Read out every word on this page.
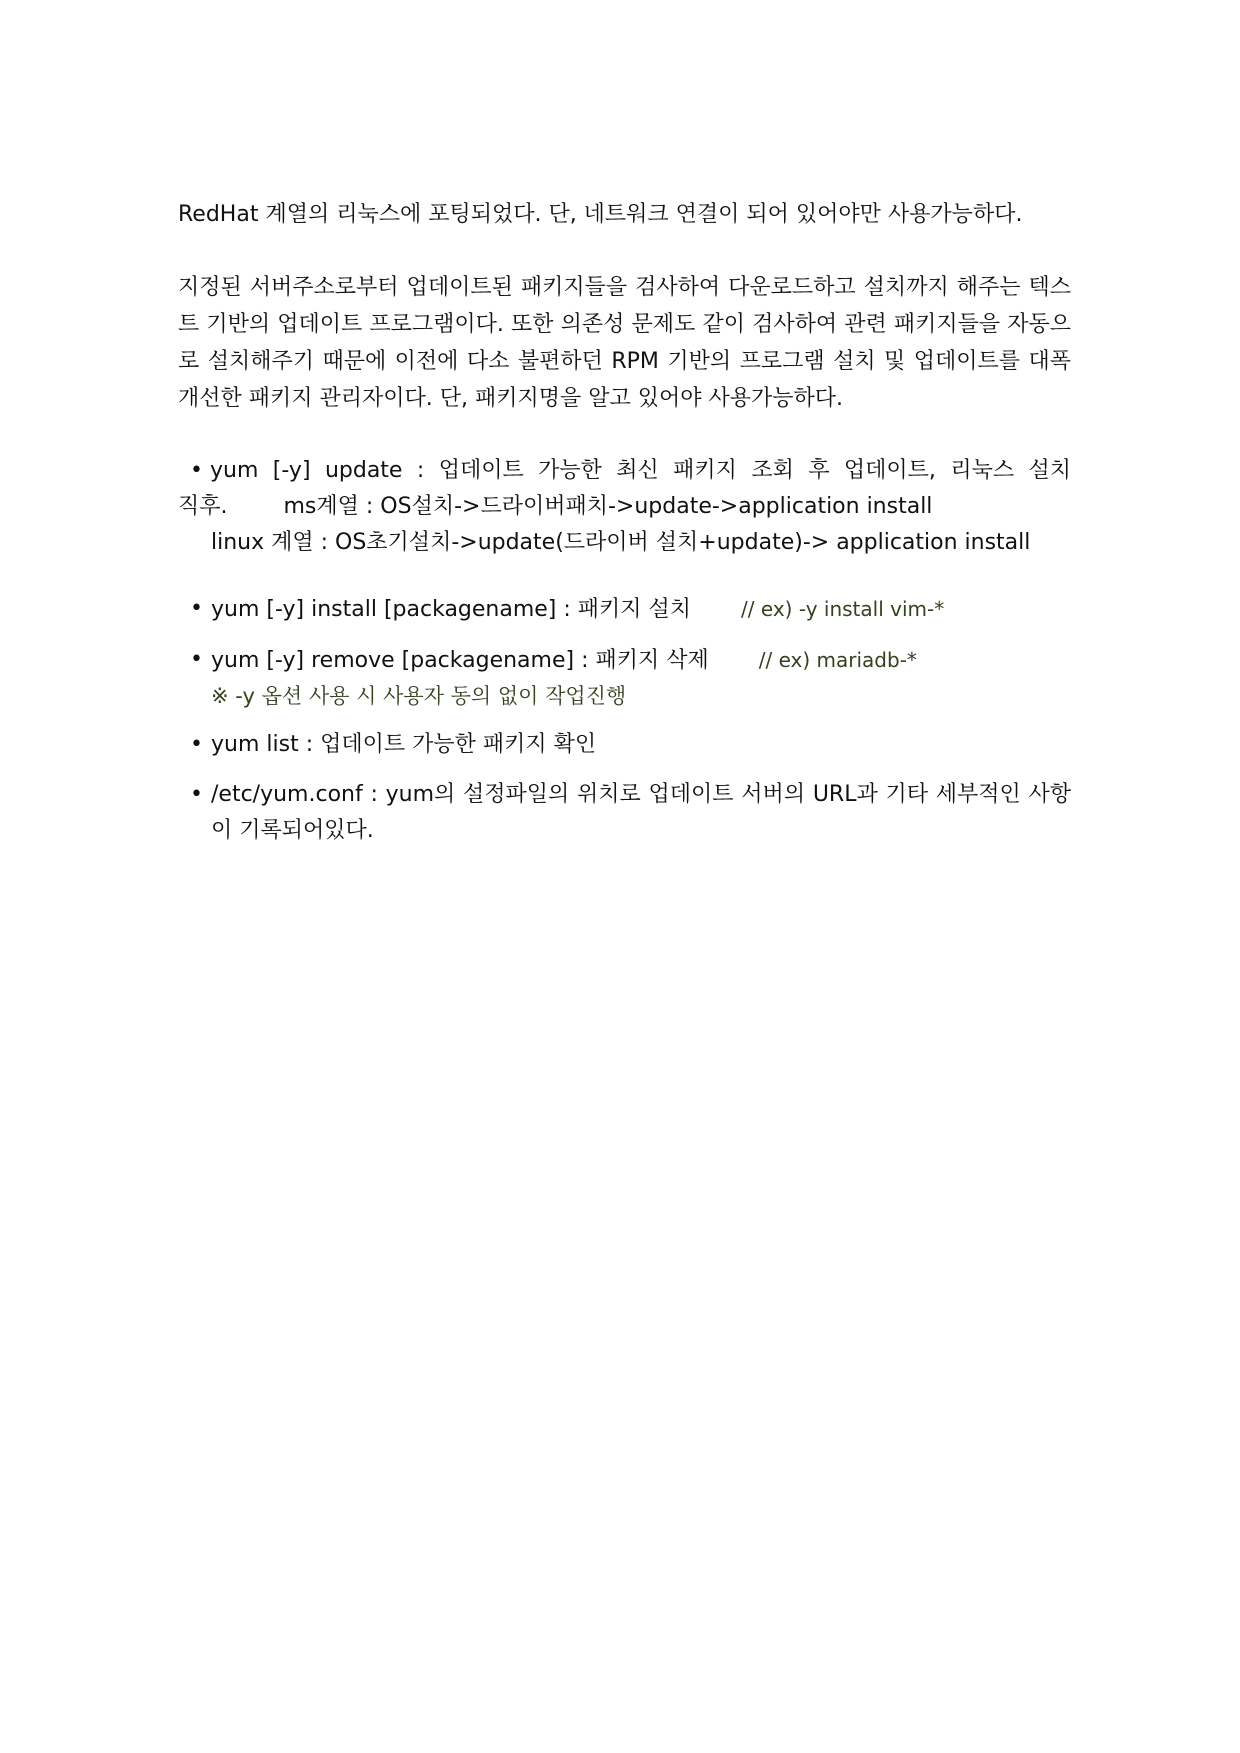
RedHat 계열의 리눅스에 포팅되었다. 단, 네트워크 연결이 되어 있어야만 사용가능하다.

지정된 서버주소로부터 업데이트된 패키지들을 검사하여 다운로드하고 설치까지 해주는 텍스트 기반의 업데이트 프로그램이다. 또한 의존성 문제도 같이 검사하여 관련 패키지들을 자동으로 설치해주기 때문에 이전에 다소 불편하던 RPM 기반의 프로그램 설치 및 업데이트를 대폭 개선한 패키지 관리자이다. 단, 패키지명을 알고 있어야 사용가능하다.

• yum [-y] update : 업데이트 가능한 최신 패키지 조회 후 업데이트, 리눅스 설치
직후.	ms계열 : OS설치->드라이버패치->update->application install
linux 계열 : OS초기설치->update(드라이버 설치+update)-> application install
• yum [-y] install [packagename] : 패키지 설치	// ex) -y install vim-*
• yum [-y] remove [packagename] : 패키지 삭제	// ex) mariadb-*
※ -y 옵션 사용 시 사용자 동의 없이 작업진행
• yum list : 업데이트 가능한 패키지 확인
• /etc/yum.conf : yum의 설정파일의 위치로 업데이트 서버의 URL과 기타 세부적인 사항이 기록되어있다.
